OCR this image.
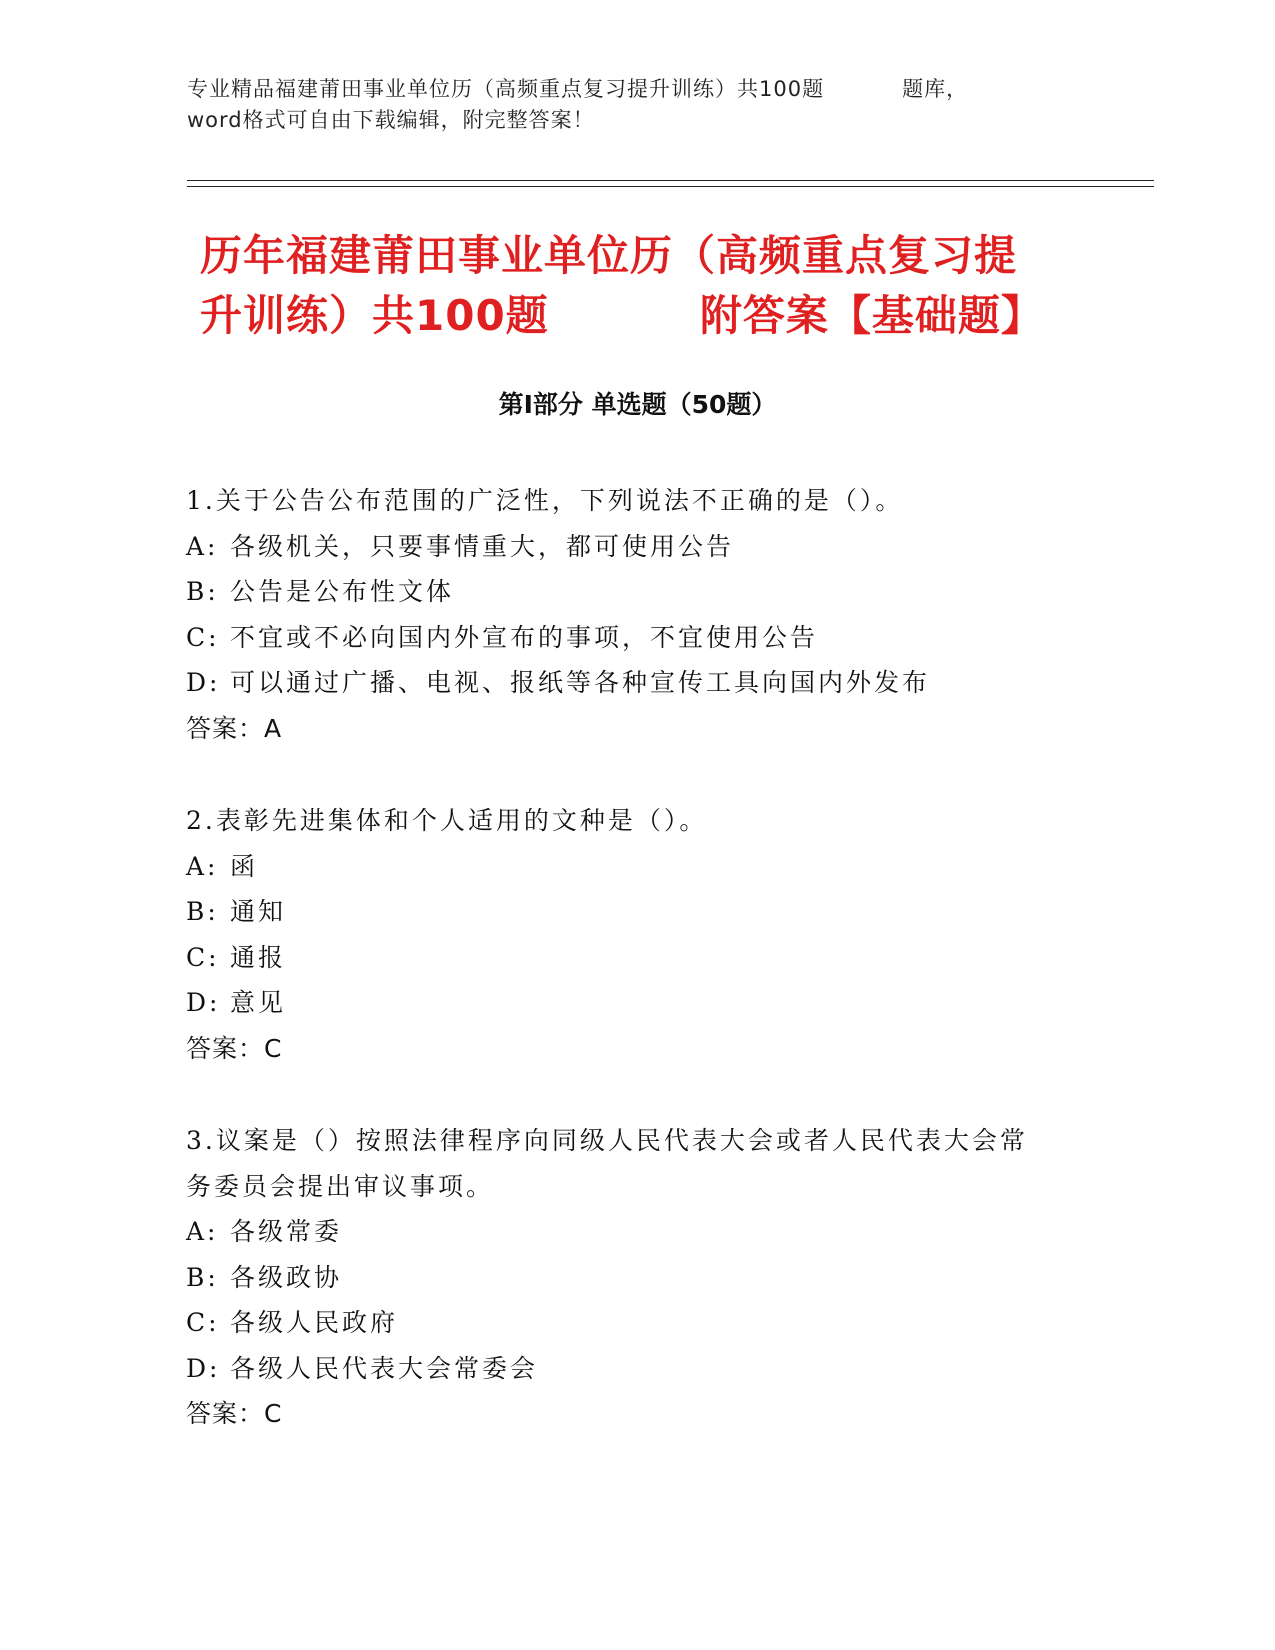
专业精品福建莆田事业单位历（高频重点复习提升训练）共100题	题库，
word格式可自由下载编辑，附完整答案！
历年福建莆田事业单位历（高频重点复习提
升训练）共100题	附答案【基础题】
第Ⅰ部分 单选题（50题）
1.关于公告公布范围的广泛性，下列说法不正确的是（）。
A: 各级机关，只要事情重大，都可使用公告
B: 公告是公布性文体
C: 不宜或不必向国内外宣布的事项，不宜使用公告
D: 可以通过广播、电视、报纸等各种宣传工具向国内外发布
答案：A
2.表彰先进集体和个人适用的文种是（）。
A: 函
B: 通知
C: 通报
D: 意见
答案：C
3.议案是（）按照法律程序向同级人民代表大会或者人民代表大会常
务委员会提出审议事项。
A: 各级常委
B: 各级政协
C: 各级人民政府
D: 各级人民代表大会常委会
答案：C
